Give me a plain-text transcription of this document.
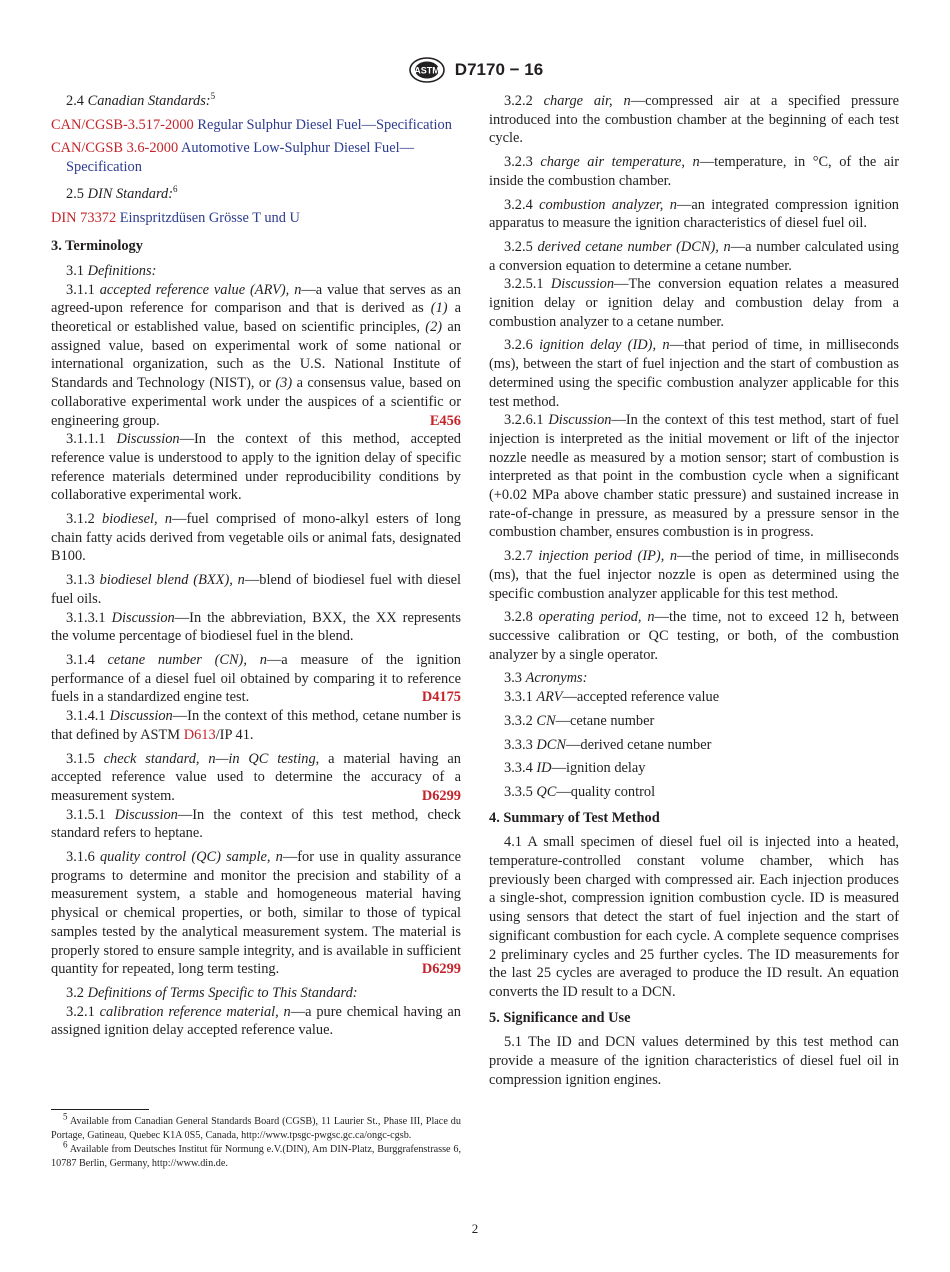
ASTM D7170 − 16

2.4 Canadian Standards:$^5$

CAN/CGSB-3.517-2000 Regular Sulphur Diesel Fuel—Specification

CAN/CGSB 3.6-2000 Automotive Low-Sulphur Diesel Fuel—Specification

2.5 DIN Standard:$^6$

DIN 73372 Einspritzdüsen Grösse T und U

3. Terminology

3.1 Definitions:

3.1.1 accepted reference value (ARV), n—a value that serves as an agreed-upon reference for comparison and that is derived as (1) a theoretical or established value, based on scientific principles, (2) an assigned value, based on experimental work of some national or international organization, such as the U.S. National Institute of Standards and Technology (NIST), or (3) a consensus value, based on collaborative experimental work under the auspices of a scientific or engineering group.	E456

3.1.1.1 Discussion—In the context of this method, accepted reference value is understood to apply to the ignition delay of specific reference materials determined under reproducibility conditions by collaborative experimental work.

3.1.2 biodiesel, n—fuel comprised of mono-alkyl esters of long chain fatty acids derived from vegetable oils or animal fats, designated B100.

3.1.3 biodiesel blend (BXX), n—blend of biodiesel fuel with diesel fuel oils.

3.1.3.1 Discussion—In the abbreviation, BXX, the XX represents the volume percentage of biodiesel fuel in the blend.

3.1.4 cetane number (CN), n—a measure of the ignition performance of a diesel fuel oil obtained by comparing it to reference fuels in a standardized engine test.	D4175

3.1.4.1 Discussion—In the context of this method, cetane number is that defined by ASTM D613/IP 41.

3.1.5 check standard, n—in QC testing, a material having an accepted reference value used to determine the accuracy of a measurement system.	D6299

3.1.5.1 Discussion—In the context of this test method, check standard refers to heptane.

3.1.6 quality control (QC) sample, n—for use in quality assurance programs to determine and monitor the precision and stability of a measurement system, a stable and homogeneous material having physical or chemical properties, or both, similar to those of typical samples tested by the analytical measurement system. The material is properly stored to ensure sample integrity, and is available in sufficient quantity for repeated, long term testing.	D6299

3.2 Definitions of Terms Specific to This Standard:

3.2.1 calibration reference material, n—a pure chemical having an assigned ignition delay accepted reference value.

3.2.2 charge air, n—compressed air at a specified pressure introduced into the combustion chamber at the beginning of each test cycle.

3.2.3 charge air temperature, n—temperature, in °C, of the air inside the combustion chamber.

3.2.4 combustion analyzer, n—an integrated compression ignition apparatus to measure the ignition characteristics of diesel fuel oil.

3.2.5 derived cetane number (DCN), n—a number calculated using a conversion equation to determine a cetane number.

3.2.5.1 Discussion—The conversion equation relates a measured ignition delay or ignition delay and combustion delay from a combustion analyzer to a cetane number.

3.2.6 ignition delay (ID), n—that period of time, in milliseconds (ms), between the start of fuel injection and the start of combustion as determined using the specific combustion analyzer applicable for this test method.

3.2.6.1 Discussion—In the context of this test method, start of fuel injection is interpreted as the initial movement or lift of the injector nozzle needle as measured by a motion sensor; start of combustion is interpreted as that point in the combustion cycle when a significant (+0.02 MPa above chamber static pressure) and sustained increase in rate-of-change in pressure, as measured by a pressure sensor in the combustion chamber, ensures combustion is in progress.

3.2.7 injection period (IP), n—the period of time, in milliseconds (ms), that the fuel injector nozzle is open as determined using the specific combustion analyzer applicable for this test method.

3.2.8 operating period, n—the time, not to exceed 12 h, between successive calibration or QC testing, or both, of the combustion analyzer by a single operator.

3.3 Acronyms:

3.3.1 ARV—accepted reference value

3.3.2 CN—cetane number

3.3.3 DCN—derived cetane number

3.3.4 ID—ignition delay

3.3.5 QC—quality control

4. Summary of Test Method

4.1 A small specimen of diesel fuel oil is injected into a heated, temperature-controlled constant volume chamber, which has previously been charged with compressed air. Each injection produces a single-shot, compression ignition combustion cycle. ID is measured using sensors that detect the start of fuel injection and the start of significant combustion for each cycle. A complete sequence comprises 2 preliminary cycles and 25 further cycles. The ID measurements for the last 25 cycles are averaged to produce the ID result. An equation converts the ID result to a DCN.

5. Significance and Use

5.1 The ID and DCN values determined by this test method can provide a measure of the ignition characteristics of diesel fuel oil in compression ignition engines.

$^5$ Available from Canadian General Standards Board (CGSB), 11 Laurier St., Phase III, Place du Portage, Gatineau, Quebec K1A 0S5, Canada, http://www.tpsgc-pwgsc.gc.ca/ongc-cgsb.

$^6$ Available from Deutsches Institut für Normung e.V.(DIN), Am DIN-Platz, Burggrafenstrasse 6, 10787 Berlin, Germany, http://www.din.de.

2
